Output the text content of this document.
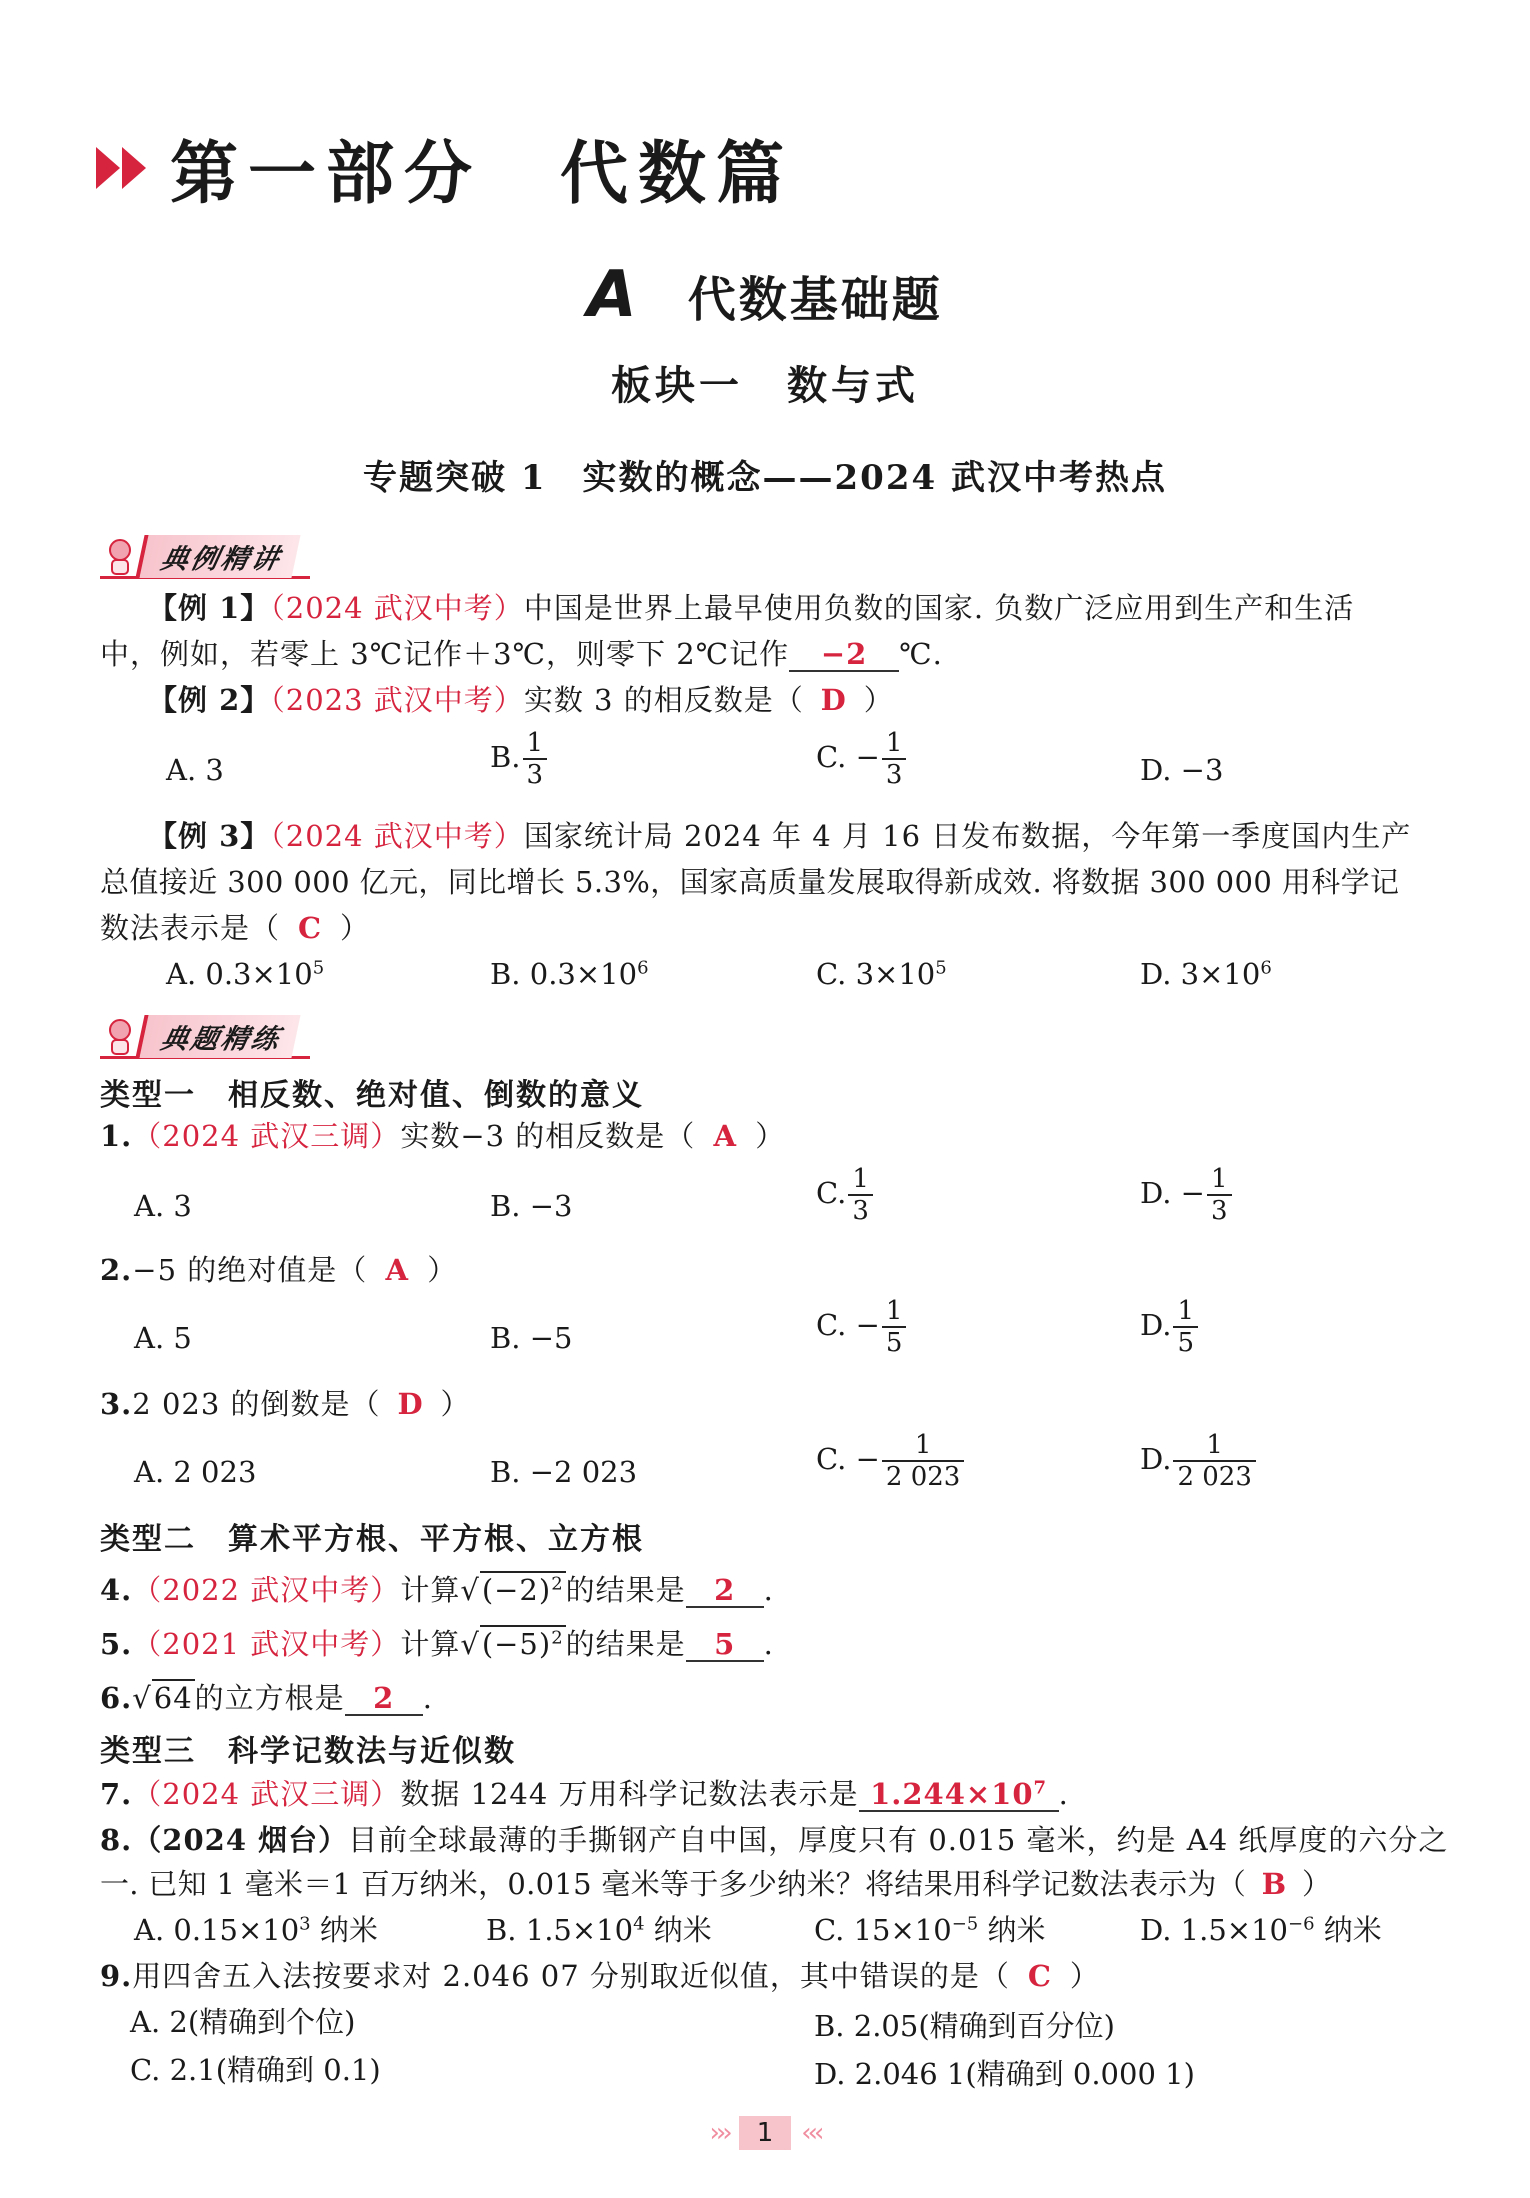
第一部分　代数篇
A 代数基础题
板块一　数与式
专题突破 1　实数的概念——2024 武汉中考热点
典例精讲
【例 1】（2024 武汉中考）中国是世界上最早使用负数的国家. 负数广泛应用到生产和生活
中，例如，若零上 3℃记作＋3℃，则零下 2℃记作 −2 ℃.
【例 2】（2023 武汉中考）实数 3 的相反数是（ D ）
A. 3	B. $\frac{1}{3}$	C. − $\frac{1}{3}$	D. −3
【例 3】（2024 武汉中考）国家统计局 2024 年 4 月 16 日发布数据，今年第一季度国内生产
总值接近 300 000 亿元，同比增长 5.3%，国家高质量发展取得新成效. 将数据 300 000 用科学记
数法表示是（ C ）
A. $0.3\times 10^5$	B. $0.3\times 10^6$	C. $3\times 10^5$	D. $3\times 10^6$
典题精练
类型一　相反数、绝对值、倒数的意义
1.（2024 武汉三调）实数−3 的相反数是（ A ）
A. 3	B. −3	C. $\frac{1}{3}$	D. − $\frac{1}{3}$
2.−5 的绝对值是（ A ）
A. 5	B. −5	C. − $\frac{1}{5}$	D. $\frac{1}{5}$
3.2 023 的倒数是（ D ）
A. 2 023	B. −2 023	C. − $\frac{1}{2 023}$	D. $\frac{1}{2 023}$
类型二　算术平方根、平方根、立方根
4.（2022 武汉中考）计算$√(-2)^2$的结果是 2 .
5.（2021 武汉中考）计算$√(-5)^2$的结果是 5 .
6.√64的立方根是 2 .
类型三　科学记数法与近似数
7.（2024 武汉三调）数据 1244 万用科学记数法表示是 $1.244\times 10^7$ .
8.（2024 烟台）目前全球最薄的手撕钢产自中国，厚度只有 0.015 毫米，约是 A4 纸厚度的六分之
一. 已知 1 毫米＝1 百万纳米，0.015 毫米等于多少纳米？将结果用科学记数法表示为（ B ）
A. $0.15\times 10^3$ 纳米	B. $1.5\times 10^4$ 纳米	C. $15\times 10^{-5}$ 纳米	D. $1.5\times 10^{-6}$ 纳米
9.用四舍五入法按要求对 2.046 07 分别取近似值，其中错误的是（ C ）
A. 2(精确到个位)	B. 2.05(精确到百分位)
C. 2.1(精确到 0.1)	D. 2.046 1(精确到 0.000 1)
›››	1	‹‹‹
